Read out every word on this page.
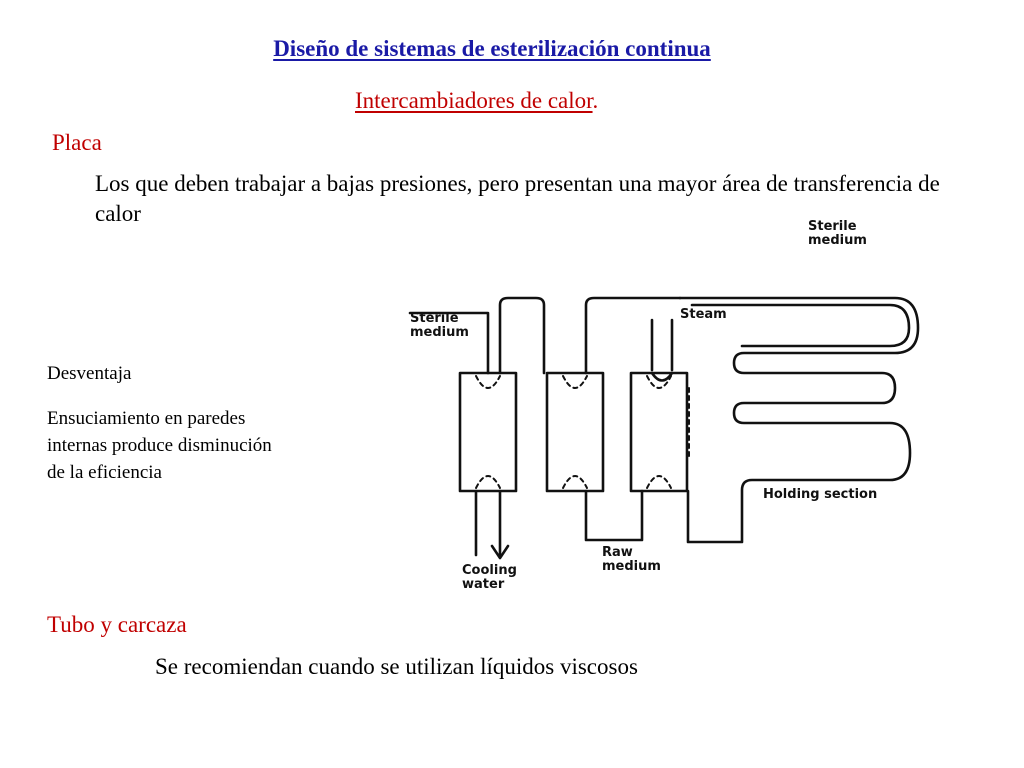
Diseño de sistemas de esterilización continua
Intercambiadores de calor.
Placa
Los que deben trabajar a bajas presiones, pero presentan una mayor área de transferencia de calor
Desventaja
Ensuciamiento en paredes internas produce disminución de la eficiencia
Tubo y carcaza
Se recomiendan cuando se utilizan líquidos viscosos
Sterile
medium
Sterile
medium
Steam
Holding section
Cooling
water
Raw
medium
